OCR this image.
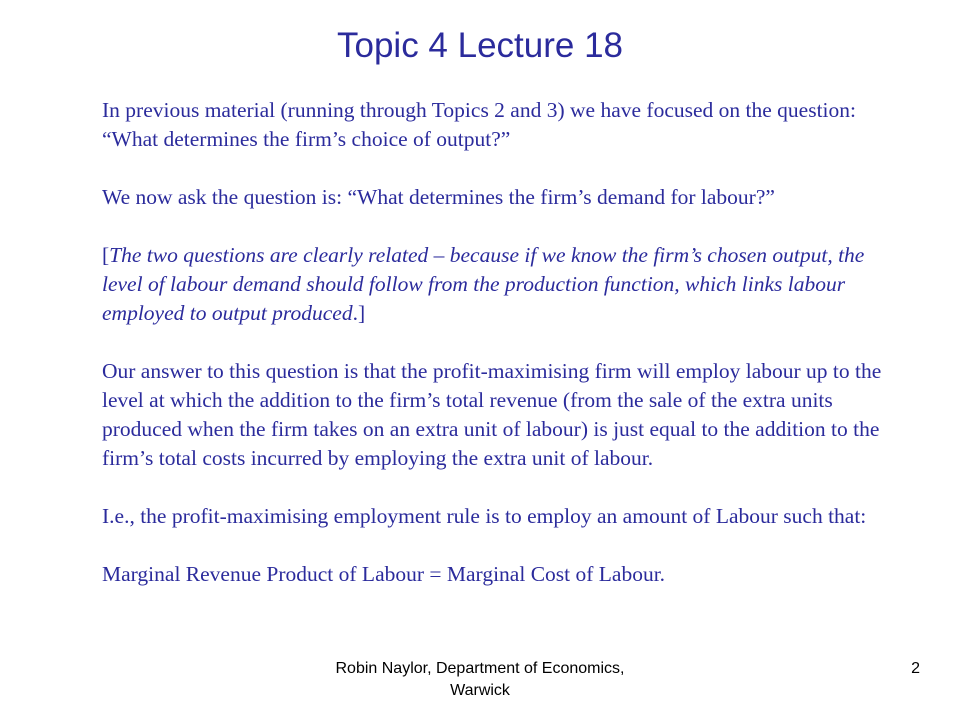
Topic 4 Lecture 18

In previous material (running through Topics 2 and 3) we have focused on the question: “What determines the firm’s choice of output?”

We now ask the question is: “What determines the firm’s demand for labour?”

[The two questions are clearly related – because if we know the firm’s chosen output, the level of labour demand should follow from the production function, which links labour employed to output produced.]

Our answer to this question is that the profit-maximising firm will employ labour up to the level at which the addition to the firm’s total revenue (from the sale of the extra units produced when the firm takes on an extra unit of labour) is just equal to the addition to the firm’s total costs incurred by employing the extra unit of labour.

I.e., the profit-maximising employment rule is to employ an amount of Labour such that:

Marginal Revenue Product of Labour = Marginal Cost of Labour.

Robin Naylor, Department of Economics, Warwick
2
